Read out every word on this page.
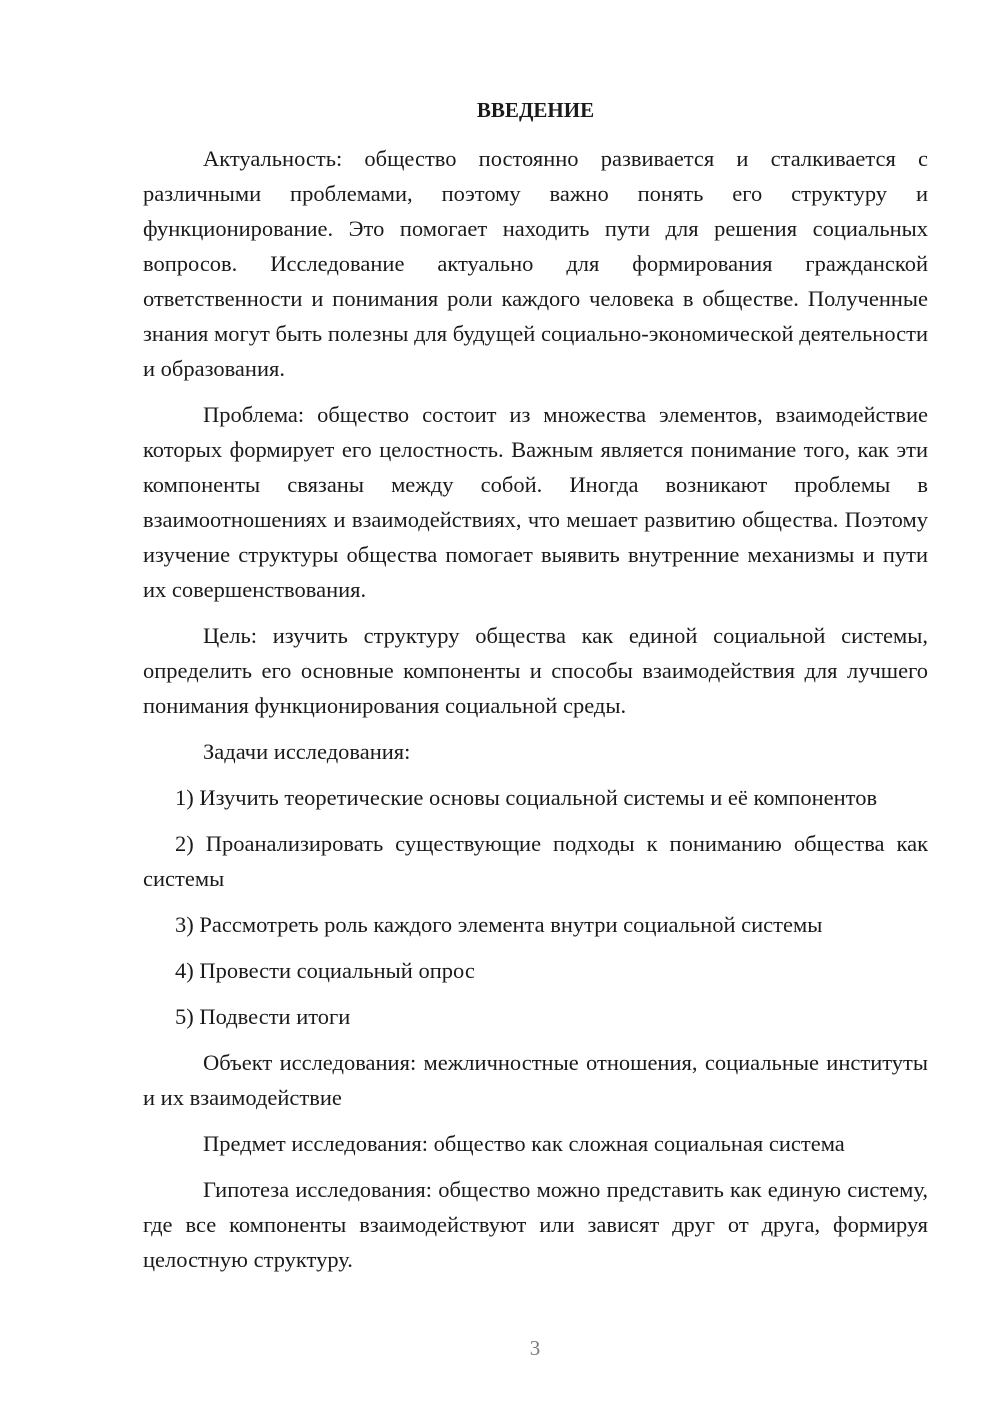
ВВЕДЕНИЕ

Актуальность: общество постоянно развивается и сталкивается с различными проблемами, поэтому важно понять его структуру и функционирование. Это помогает находить пути для решения социальных вопросов. Исследование актуально для формирования гражданской ответственности и понимания роли каждого человека в обществе. Полученные знания могут быть полезны для будущей социально-экономической деятельности и образования.

Проблема: общество состоит из множества элементов, взаимодействие которых формирует его целостность. Важным является понимание того, как эти компоненты связаны между собой. Иногда возникают проблемы в взаимоотношениях и взаимодействиях, что мешает развитию общества. Поэтому изучение структуры общества помогает выявить внутренние механизмы и пути их совершенствования.

Цель: изучить структуру общества как единой социальной системы, определить его основные компоненты и способы взаимодействия для лучшего понимания функционирования социальной среды.

Задачи исследования:

1) Изучить теоретические основы социальной системы и её компонентов

2) Проанализировать существующие подходы к пониманию общества как системы

3) Рассмотреть роль каждого элемента внутри социальной системы

4) Провести социальный опрос

5) Подвести итоги

Объект исследования: межличностные отношения, социальные институты и их взаимодействие

Предмет исследования: общество как сложная социальная система

Гипотеза исследования: общество можно представить как единую систему, где все компоненты взаимодействуют или зависят друг от друга, формируя целостную структуру.

3
